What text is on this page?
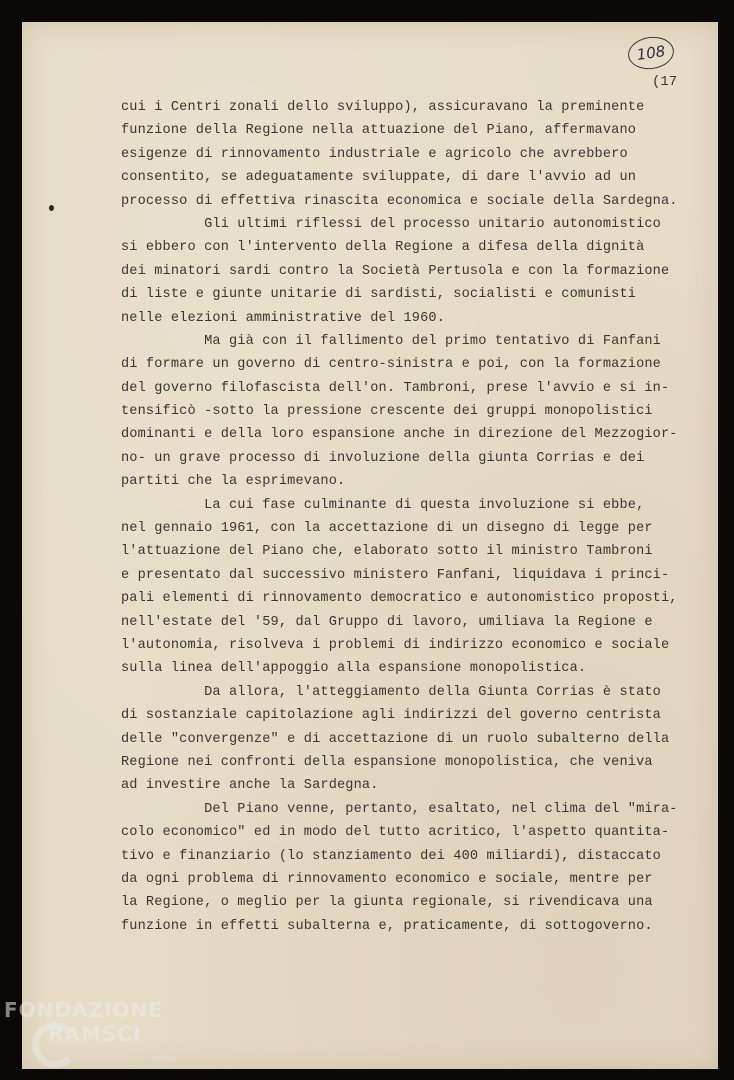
108
(17
cui i Centri zonali dello sviluppo), assicuravano la preminente
funzione della Regione nella attuazione del Piano, affermavano
esigenze di rinnovamento industriale e agricolo che avrebbero
consentito, se adeguatamente sviluppate, di dare l'avvio ad un
processo di effettiva rinascita economica e sociale della Sardegna.
Gli ultimi riflessi del processo unitario autonomistico
si ebbero con l'intervento della Regione a difesa della dignità
dei minatori sardi contro la Società Pertusola e con la formazione
di liste e giunte unitarie di sardisti, socialisti e comunisti
nelle elezioni amministrative del 1960.
Ma già con il fallimento del primo tentativo di Fanfani
di formare un governo di centro-sinistra e poi, con la formazione
del governo filofascista dell'on. Tambroni, prese l'avvio e si in-
tensificò -sotto la pressione crescente dei gruppi monopolistici
dominanti e della loro espansione anche in direzione del Mezzogior-
no- un grave processo di involuzione della giunta Corrias e dei
partiti che la esprimevano.
La cui fase culminante di questa involuzione si ebbe,
nel gennaio 1961, con la accettazione di un disegno di legge per
l'attuazione del Piano che, elaborato sotto il ministro Tambroni
e presentato dal successivo ministero Fanfani, liquidava i princi-
pali elementi di rinnovamento democratico e autonomistico proposti,
nell'estate del '59, dal Gruppo di lavoro, umiliava la Regione e
l'autonomia, risolveva i problemi di indirizzo economico e sociale
sulla linea dell'appoggio alla espansione monopolistica.
Da allora, l'atteggiamento della Giunta Corrias è stato
di sostanziale capitolazione agli indirizzi del governo centrista
delle "convergenze" e di accettazione di un ruolo subalterno della
Regione nei confronti della espansione monopolistica, che veniva
ad investire anche la Sardegna.
Del Piano venne, pertanto, esaltato, nel clima del "mira-
colo economico" ed in modo del tutto acritico, l'aspetto quantita-
tivo e finanziario (lo stanziamento dei 400 miliardi), distaccato
da ogni problema di rinnovamento economico e sociale, mentre per
la Regione, o meglio per la giunta regionale, si rivendicava una
funzione in effetti subalterna e, praticamente, di sottogoverno.
FONDAZIONE
RAMSCI
onlus
